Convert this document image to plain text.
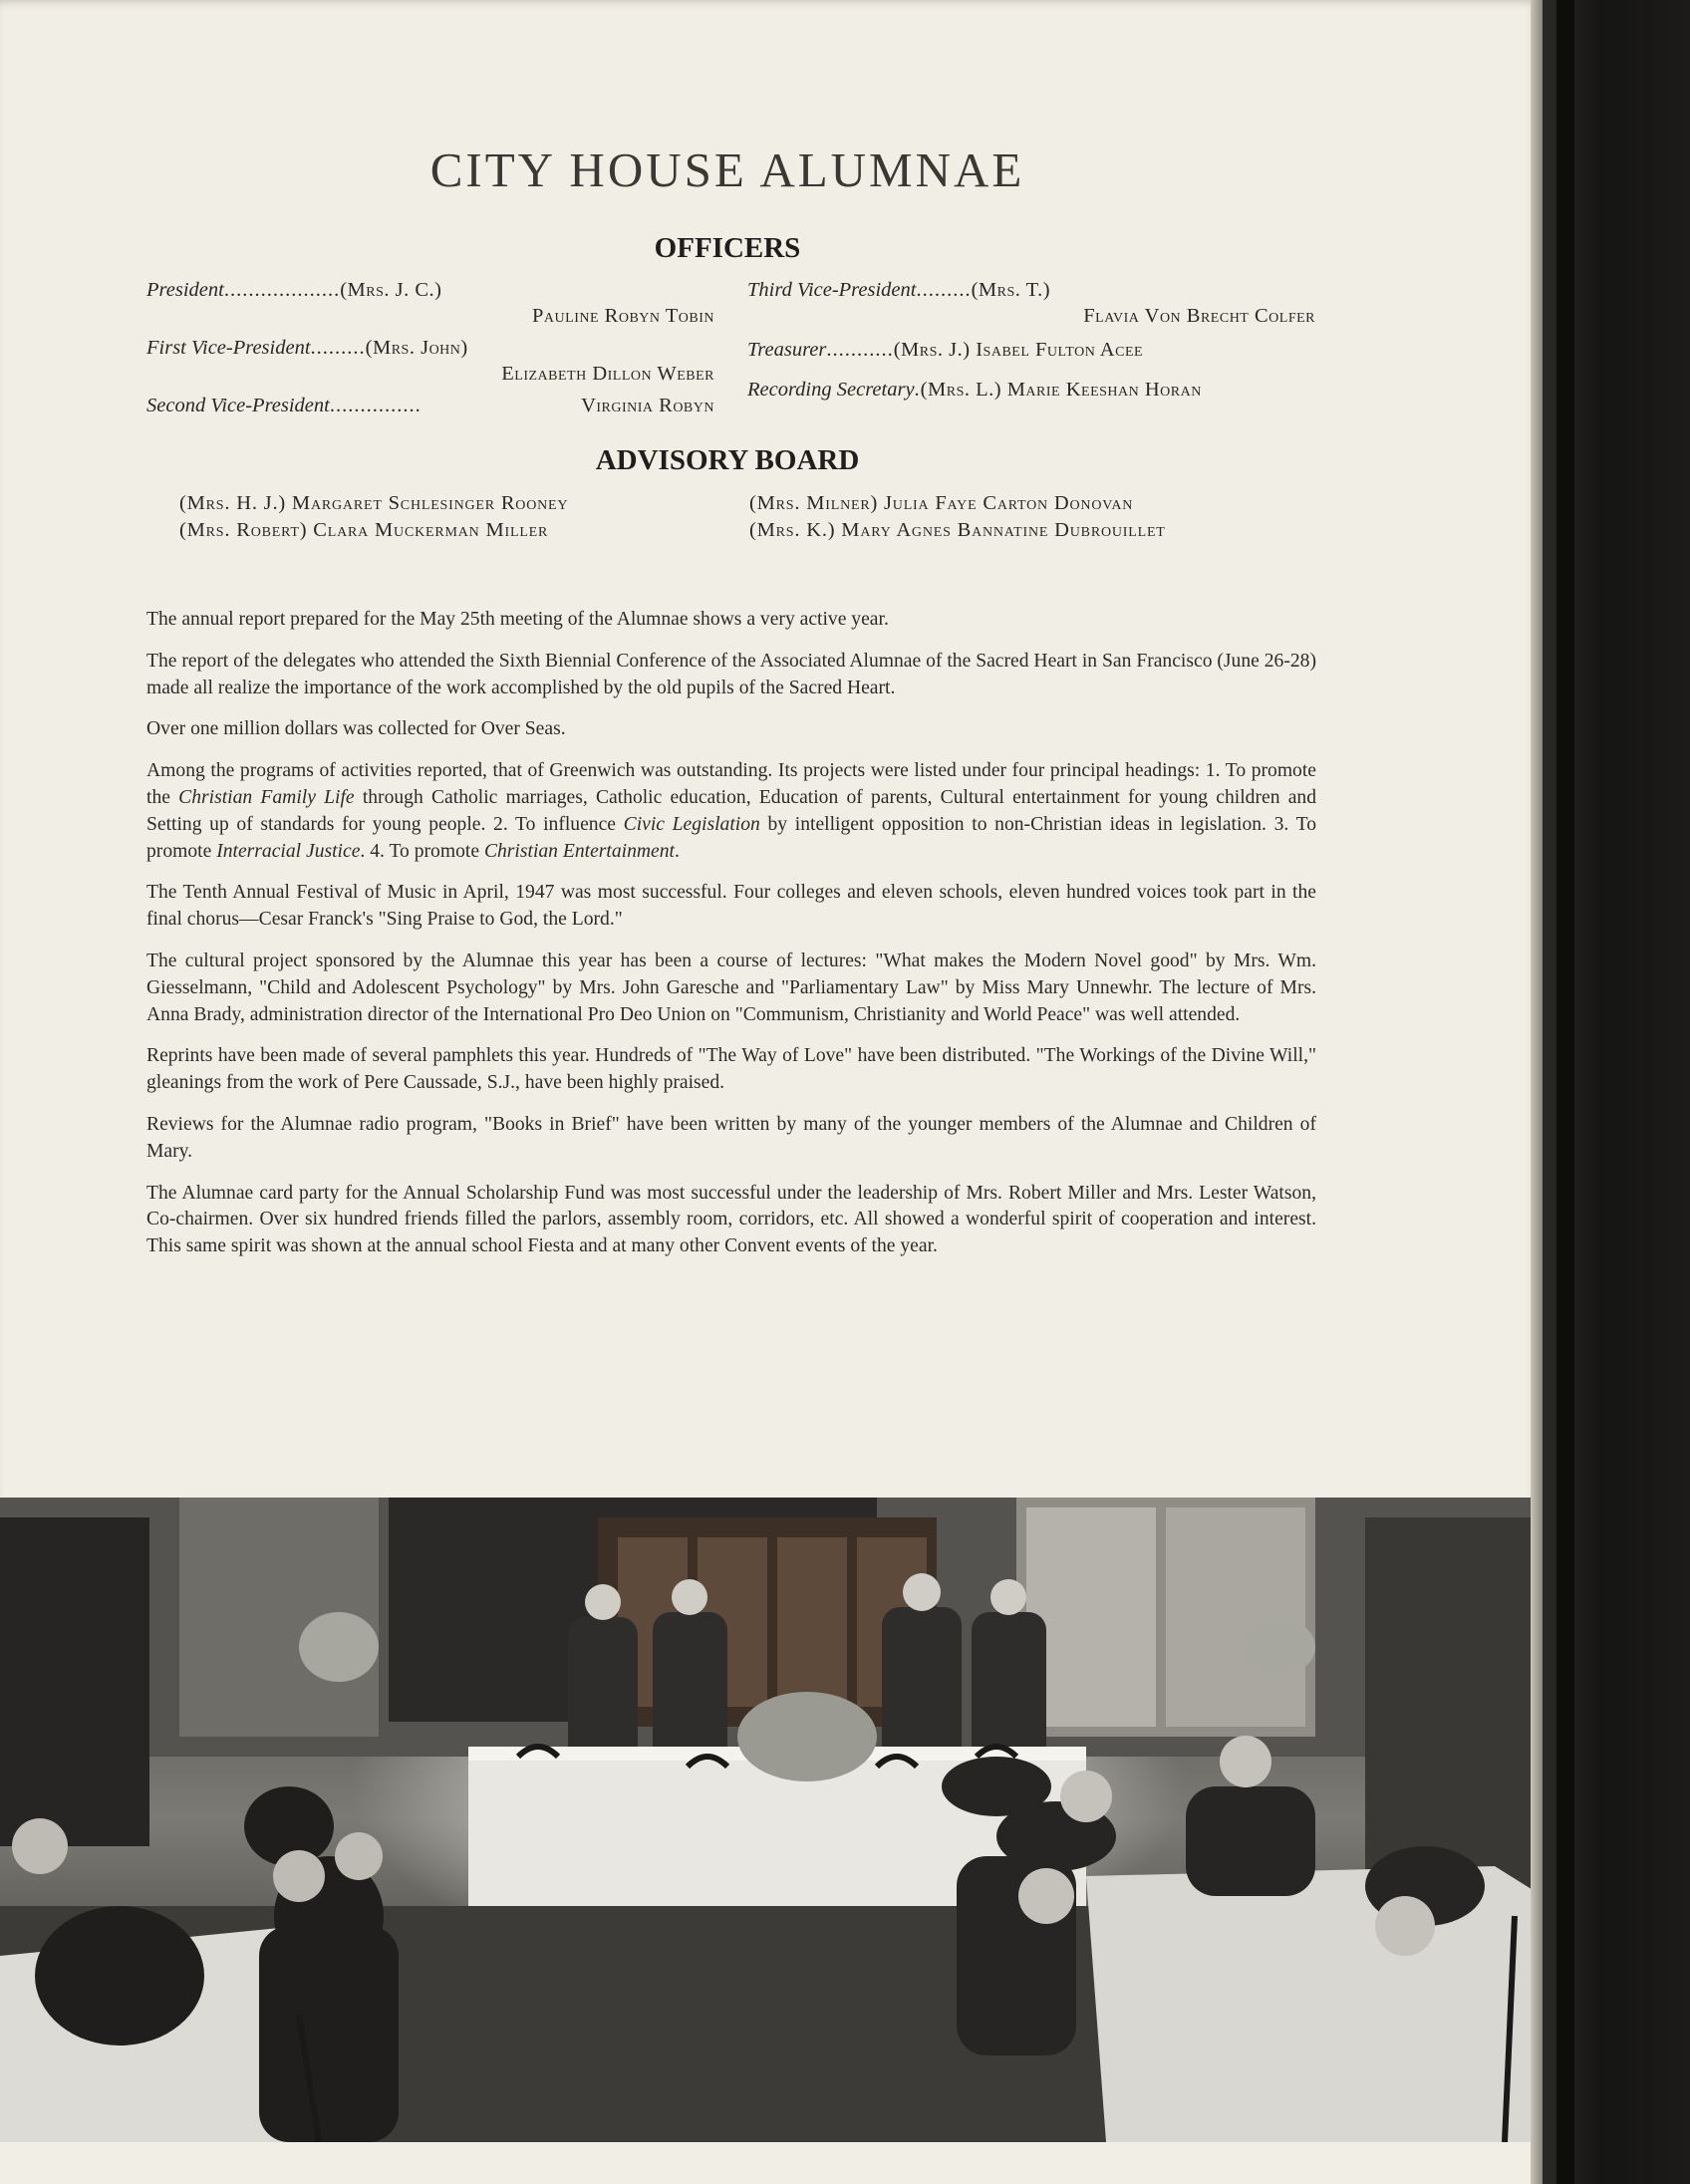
CITY HOUSE ALUMNAE
OFFICERS
President...................(Mrs. J. C.)
Pauline Robyn Tobin
First Vice-President.........(Mrs. John)
Elizabeth Dillon Weber
Second Vice-President ...............	Virginia Robyn
Third Vice-President.........(Mrs. T.)
Flavia Von Brecht Colfer
Treasurer...........(Mrs. J.) Isabel Fulton Acee
Recording Secretary.(Mrs. L.) Marie Keeshan Horan
ADVISORY BOARD
(Mrs. H. J.) Margaret Schlesinger Rooney
(Mrs. Robert) Clara Muckerman Miller
(Mrs. Milner) Julia Faye Carton Donovan
(Mrs. K.) Mary Agnes Bannatine Dubrouillet

The annual report prepared for the May 25th meeting of the Alumnae shows a very active year.

The report of the delegates who attended the Sixth Biennial Conference of the Associated Alumnae of the Sacred Heart in San Francisco (June 26-28) made all realize the importance of the work accomplished by the old pupils of the Sacred Heart.

Over one million dollars was collected for Over Seas.

Among the programs of activities reported, that of Greenwich was outstanding. Its projects were listed under four principal headings: 1. To promote the Christian Family Life through Catholic marriages, Catholic education, Education of parents, Cultural entertainment for young children and Setting up of standards for young people. 2. To influence Civic Legislation by intelligent opposition to non-Christian ideas in legislation. 3. To promote Interracial Justice. 4. To promote Christian Entertainment.

The Tenth Annual Festival of Music in April, 1947 was most successful. Four colleges and eleven schools, eleven hundred voices took part in the final chorus—Cesar Franck's "Sing Praise to God, the Lord."

The cultural project sponsored by the Alumnae this year has been a course of lectures: "What makes the Modern Novel good" by Mrs. Wm. Giesselmann, "Child and Adolescent Psychology" by Mrs. John Garesche and "Parliamentary Law" by Miss Mary Unnewhr. The lecture of Mrs. Anna Brady, administration director of the International Pro Deo Union on "Communism, Christianity and World Peace" was well attended.

Reprints have been made of several pamphlets this year. Hundreds of "The Way of Love" have been distributed. "The Workings of the Divine Will," gleanings from the work of Pere Caussade, S.J., have been highly praised.

Reviews for the Alumnae radio program, "Books in Brief" have been written by many of the younger members of the Alumnae and Children of Mary.

The Alumnae card party for the Annual Scholarship Fund was most successful under the leadership of Mrs. Robert Miller and Mrs. Lester Watson, Co-chairmen. Over six hundred friends filled the parlors, assembly room, corridors, etc. All showed a wonderful spirit of cooperation and interest. This same spirit was shown at the annual school Fiesta and at many other Convent events of the year.
